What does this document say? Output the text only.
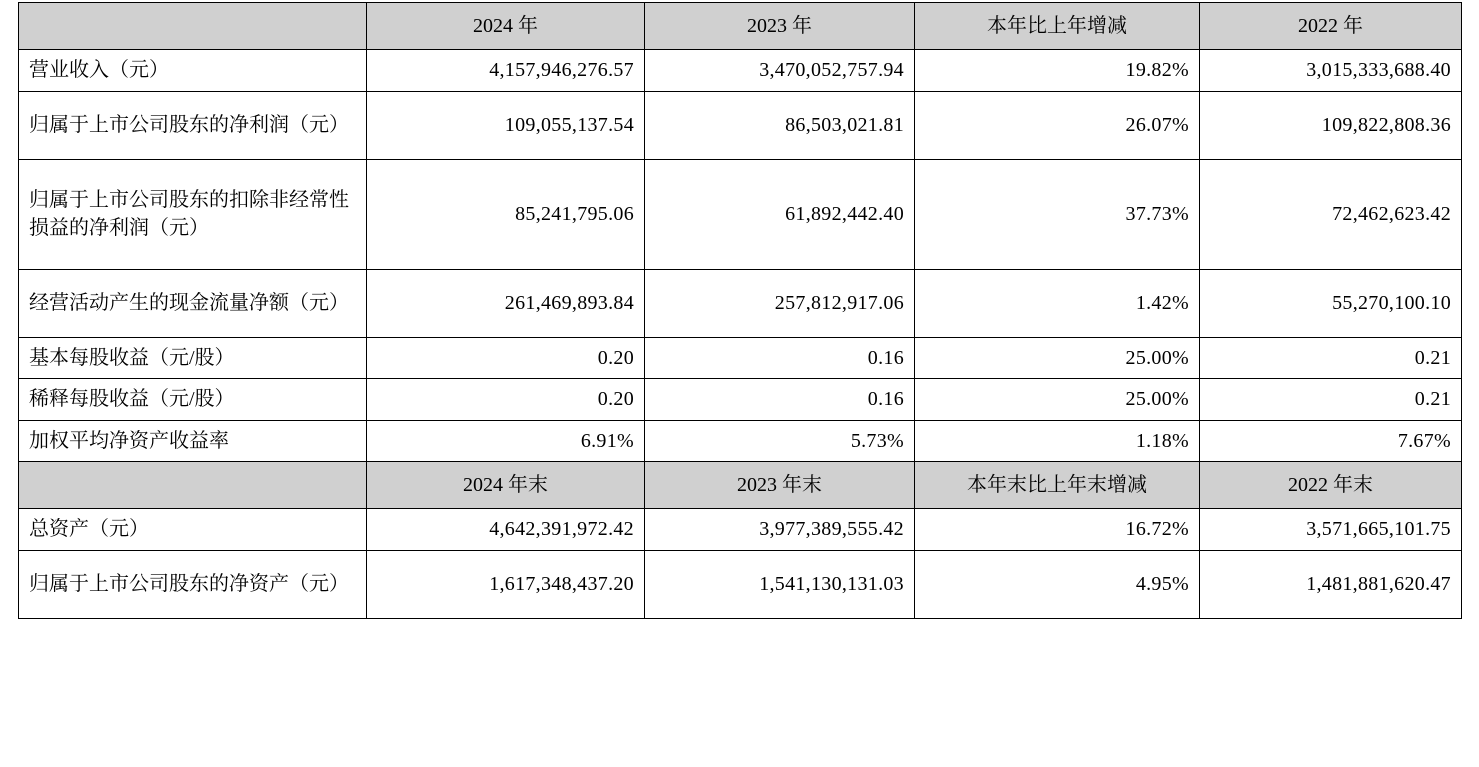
	2024 年	2023 年	本年比上年增减	2022 年
营业收入（元）	4,157,946,276.57	3,470,052,757.94	19.82%	3,015,333,688.40
归属于上市公司股东的净利润（元）	109,055,137.54	86,503,021.81	26.07%	109,822,808.36
归属于上市公司股东的扣除非经常性损益的净利润（元）	85,241,795.06	61,892,442.40	37.73%	72,462,623.42
经营活动产生的现金流量净额（元）	261,469,893.84	257,812,917.06	1.42%	55,270,100.10
基本每股收益（元/股）	0.20	0.16	25.00%	0.21
稀释每股收益（元/股）	0.20	0.16	25.00%	0.21
加权平均净资产收益率	6.91%	5.73%	1.18%	7.67%
	2024 年末	2023 年末	本年末比上年末增减	2022 年末
总资产（元）	4,642,391,972.42	3,977,389,555.42	16.72%	3,571,665,101.75
归属于上市公司股东的净资产（元）	1,617,348,437.20	1,541,130,131.03	4.95%	1,481,881,620.47
